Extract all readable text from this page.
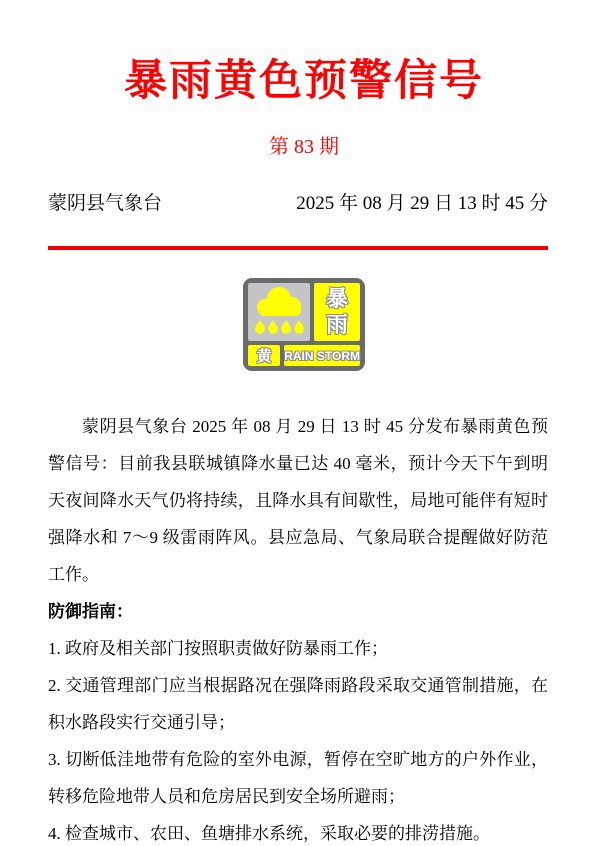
暴雨黄色预警信号
第 83 期
蒙阴县气象台	2025 年 08 月 29 日 13 时 45 分
暴
雨
黄	RAIN STORM

蒙阴县气象台 2025 年 08 月 29 日 13 时 45 分发布暴雨黄色预警信号：目前我县联城镇降水量已达 40 毫米，预计今天下午到明天夜间降水天气仍将持续，且降水具有间歇性，局地可能伴有短时强降水和 7～9 级雷雨阵风。县应急局、气象局联合提醒做好防范工作。

防御指南：

1. 政府及相关部门按照职责做好防暴雨工作；

2. 交通管理部门应当根据路况在强降雨路段采取交通管制措施，在积水路段实行交通引导；

3. 切断低洼地带有危险的室外电源，暂停在空旷地方的户外作业，转移危险地带人员和危房居民到安全场所避雨；

4. 检查城市、农田、鱼塘排水系统，采取必要的排涝措施。
